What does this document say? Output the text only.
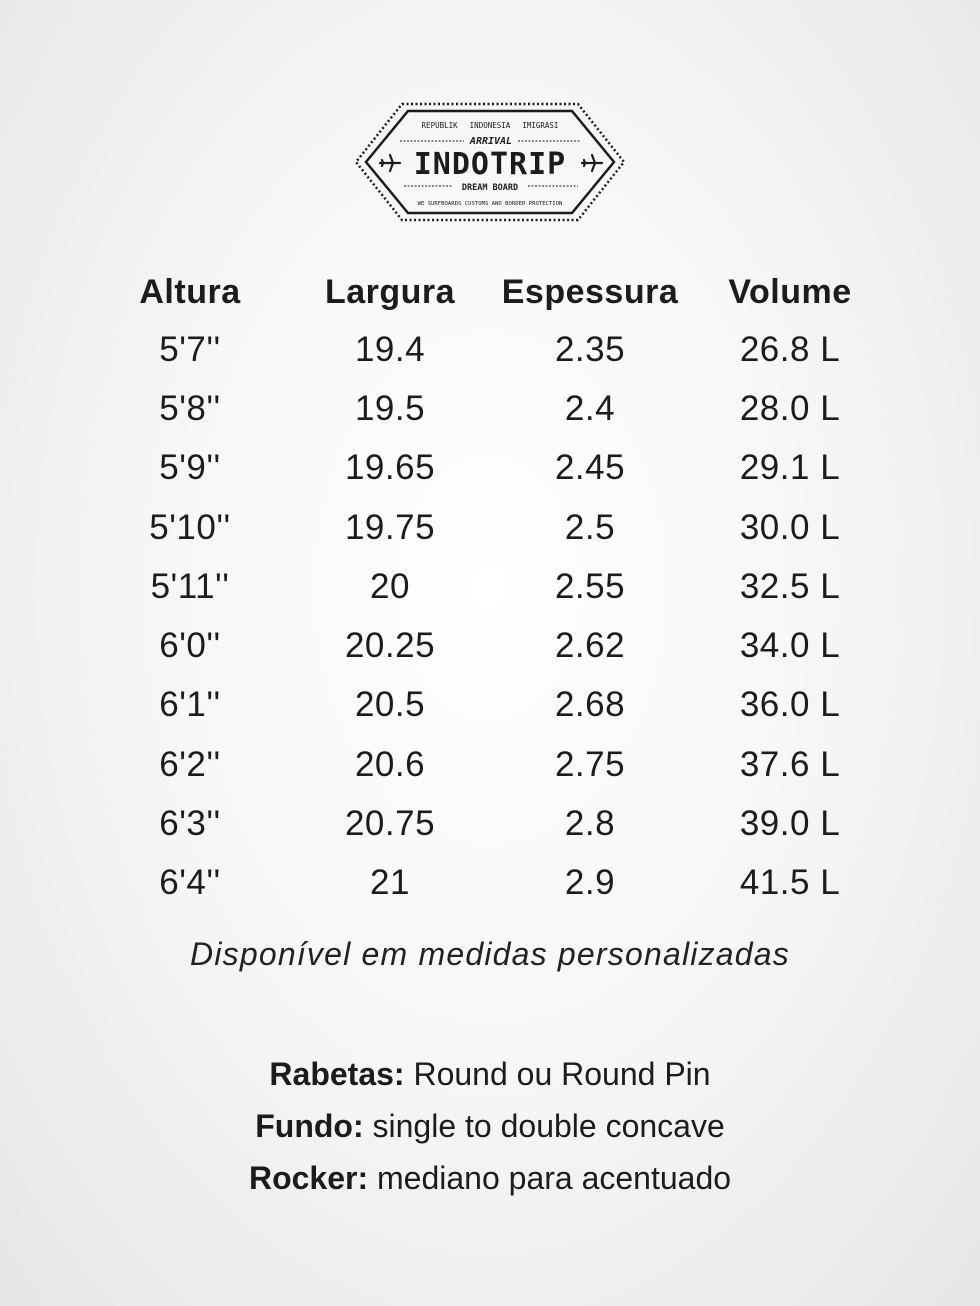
REPUBLIK INDONESIA IMIGRASI
ARRIVAL
INDOTRIP
DREAM BOARD
WE SURFBOARDS CUSTOMS AND BORDER PROTECTION
Altura	Largura	Espessura	Volume
5'7''	19.4	2.35	26.8 L
5'8''	19.5	2.4	28.0 L
5'9''	19.65	2.45	29.1 L
5'10''	19.75	2.5	30.0 L
5'11''	20	2.55	32.5 L
6'0''	20.25	2.62	34.0 L
6'1''	20.5	2.68	36.0 L
6'2''	20.6	2.75	37.6 L
6'3''	20.75	2.8	39.0 L
6'4''	21	2.9	41.5 L
Disponível em medidas personalizadas
Rabetas: Round ou Round Pin
Fundo: single to double concave
Rocker: mediano para acentuado
